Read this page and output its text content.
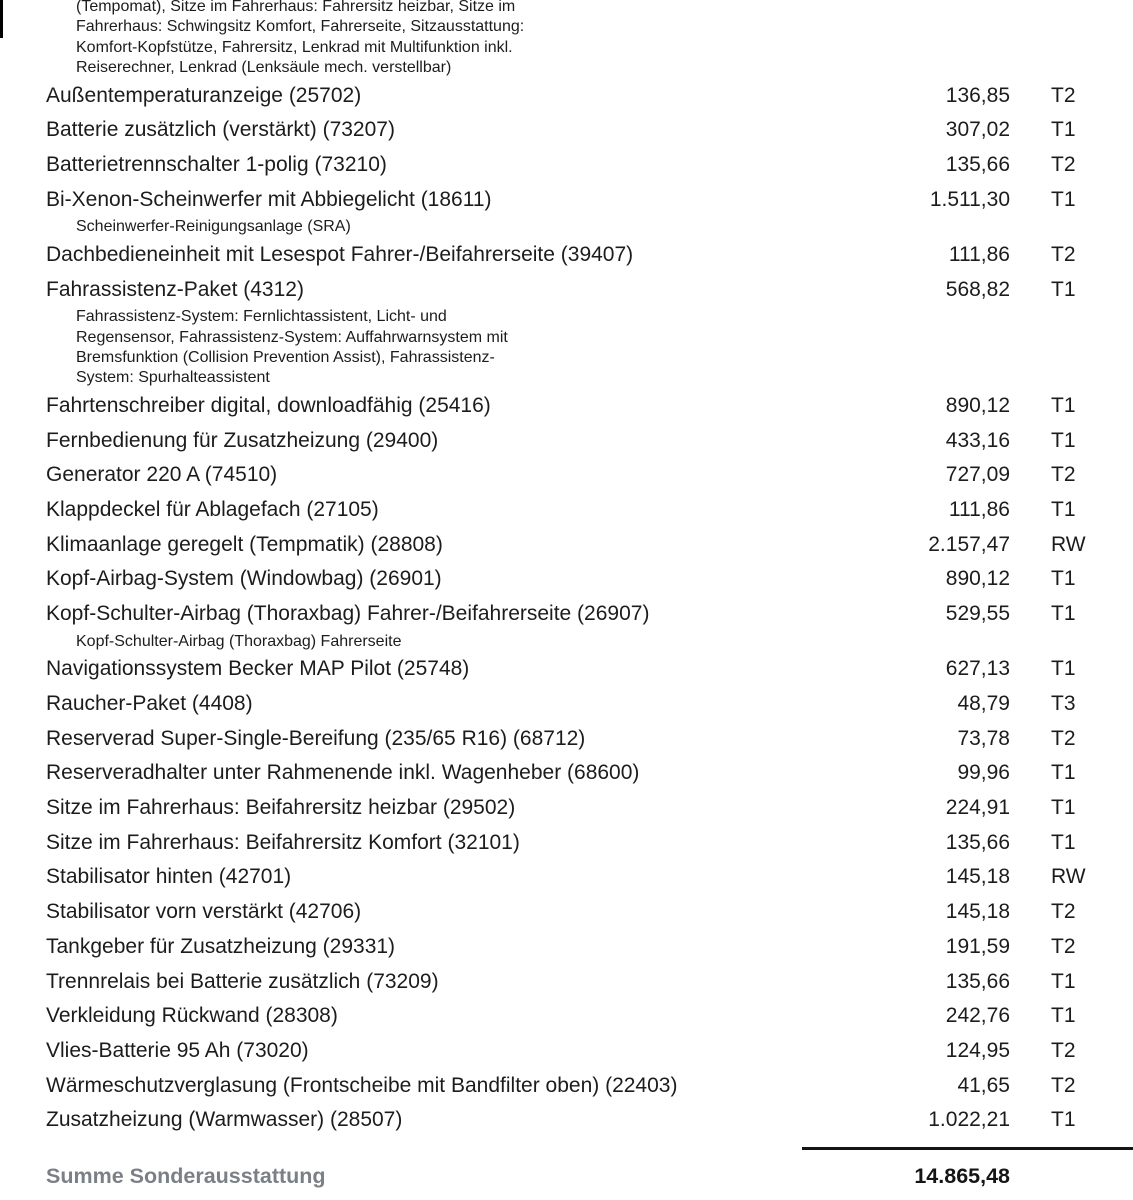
(Tempomat), Sitze im Fahrerhaus: Fahrersitz heizbar, Sitze im
Fahrerhaus: Schwingsitz Komfort, Fahrerseite, Sitzausstattung:
Komfort-Kopfstütze, Fahrersitz, Lenkrad mit Multifunktion inkl.
Reiserechner, Lenkrad (Lenksäule mech. verstellbar)
Außentemperaturanzeige (25702)	136,85	T2
Batterie zusätzlich (verstärkt) (73207)	307,02	T1
Batterietrennschalter 1-polig (73210)	135,66	T2
Bi-Xenon-Scheinwerfer mit Abbiegelicht (18611)	1.511,30	T1
Scheinwerfer-Reinigungsanlage (SRA)
Dachbedieneinheit mit Lesespot Fahrer-/Beifahrerseite (39407)	111,86	T2
Fahrassistenz-Paket (4312)	568,82	T1
Fahrassistenz-System: Fernlichtassistent, Licht- und
Regensensor, Fahrassistenz-System: Auffahrwarnsystem mit
Bremsfunktion (Collision Prevention Assist), Fahrassistenz-
System: Spurhalteassistent
Fahrtenschreiber digital, downloadfähig (25416)	890,12	T1
Fernbedienung für Zusatzheizung (29400)	433,16	T1
Generator 220 A (74510)	727,09	T2
Klappdeckel für Ablagefach (27105)	111,86	T1
Klimaanlage geregelt (Tempmatik) (28808)	2.157,47	RW
Kopf-Airbag-System (Windowbag) (26901)	890,12	T1
Kopf-Schulter-Airbag (Thoraxbag) Fahrer-/Beifahrerseite (26907)	529,55	T1
Kopf-Schulter-Airbag (Thoraxbag) Fahrerseite
Navigationssystem Becker MAP Pilot (25748)	627,13	T1
Raucher-Paket (4408)	48,79	T3
Reserverad Super-Single-Bereifung (235/65 R16) (68712)	73,78	T2
Reserveradhalter unter Rahmenende inkl. Wagenheber (68600)	99,96	T1
Sitze im Fahrerhaus: Beifahrersitz heizbar (29502)	224,91	T1
Sitze im Fahrerhaus: Beifahrersitz Komfort (32101)	135,66	T1
Stabilisator hinten (42701)	145,18	RW
Stabilisator vorn verstärkt (42706)	145,18	T2
Tankgeber für Zusatzheizung (29331)	191,59	T2
Trennrelais bei Batterie zusätzlich (73209)	135,66	T1
Verkleidung Rückwand (28308)	242,76	T1
Vlies-Batterie 95 Ah (73020)	124,95	T2
Wärmeschutzverglasung (Frontscheibe mit Bandfilter oben) (22403)	41,65	T2
Zusatzheizung (Warmwasser) (28507)	1.022,21	T1
Summe Sonderausstattung	14.865,48
